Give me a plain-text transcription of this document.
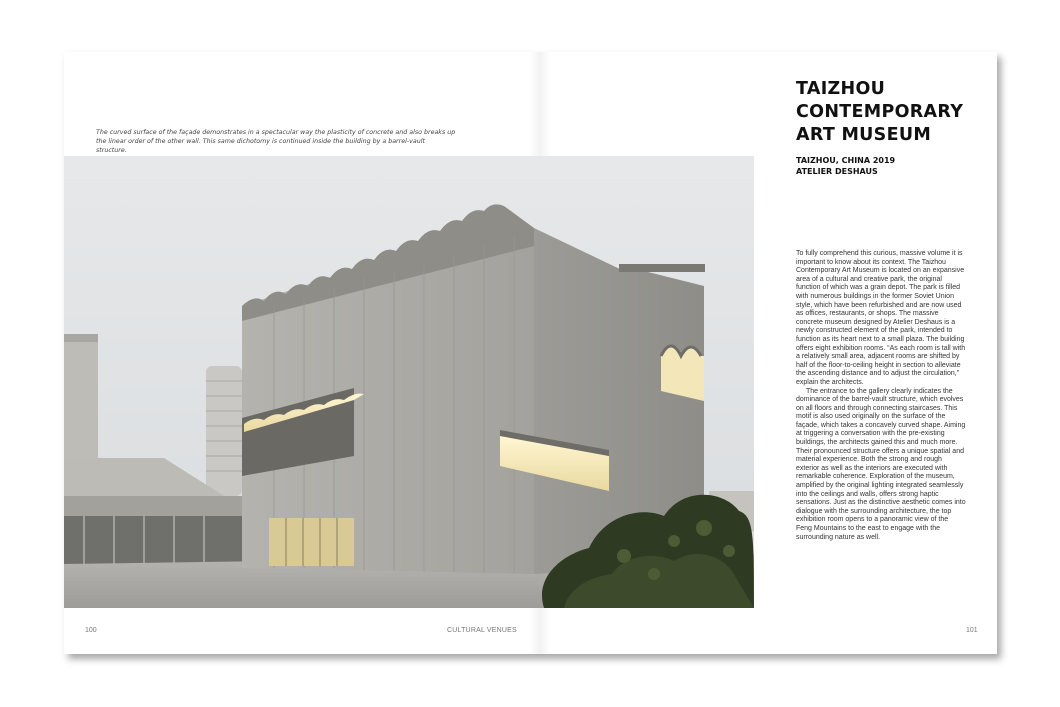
The curved surface of the façade demonstrates in a spectacular way the plasticity of concrete and also breaks up the linear order of the other wall. This same dichotomy is continued inside the building by a barrel-vault structure.

TAIZHOU
CONTEMPORARY
ART MUSEUM
TAIZHOU, CHINA 2019
ATELIER DESHAUS

To fully comprehend this curious, massive volume it is important to know about its context. The Taizhou Contemporary Art Museum is located on an expansive area of a cultural and creative park, the original function of which was a grain depot. The park is filled with numerous buildings in the former Soviet Union style, which have been refurbished and are now used as offices, restaurants, or shops. The massive concrete museum designed by Atelier Deshaus is a newly constructed element of the park, intended to function as its heart next to a small plaza. The building offers eight exhibition rooms. “As each room is tall with a relatively small area, adjacent rooms are shifted by half of the floor-to-ceiling height in section to alleviate the ascending distance and to adjust the circulation,” explain the architects.

The entrance to the gallery clearly indicates the dominance of the barrel-vault structure, which evolves on all floors and through connecting staircases. This motif is also used originally on the surface of the façade, which takes a concavely curved shape. Aiming at triggering a conversation with the pre-existing buildings, the architects gained this and much more. Their pronounced structure offers a unique spatial and material experience. Both the strong and rough exterior as well as the interiors are executed with remarkable coherence. Exploration of the museum, amplified by the original lighting integrated seamlessly into the ceilings and walls, offers strong haptic sensations. Just as the distinctive aesthetic comes into dialogue with the surrounding architecture, the top exhibition room opens to a panoramic view of the Feng Mountains to the east to engage with the surrounding nature as well.

100	CULTURAL VENUES	101
